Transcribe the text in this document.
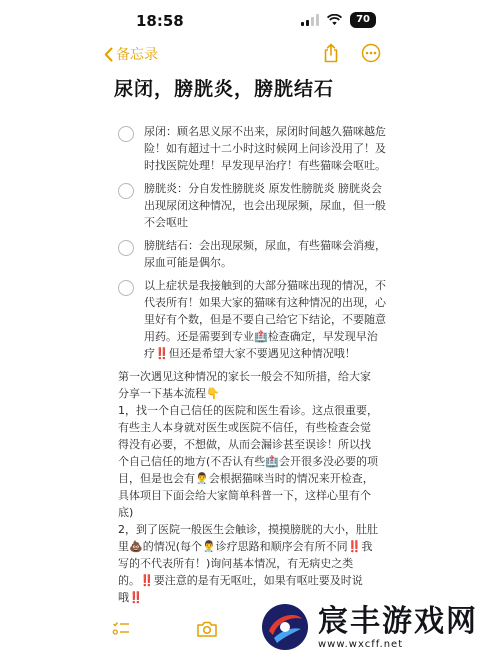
18:58	70
备忘录
尿闭，膀胱炎，膀胱结石
尿闭：顾名思义尿不出来，尿闭时间越久猫咪越危险！如有超过十二小时这时候网上问诊没用了！及时找医院处理！早发现早治疗！有些猫咪会呕吐。
膀胱炎：分自发性膀胱炎 原发性膀胱炎 膀胱炎会出现尿闭这种情况，也会出现尿频，尿血，但一般不会呕吐
膀胱结石：会出现尿频，尿血，有些猫咪会消瘦，尿血可能是偶尔。
以上症状是我接触到的大部分猫咪出现的情况，不代表所有！如果大家的猫咪有这种情况的出现，心里好有个数，但是不要自己给它下结论，不要随意用药。还是需要到专业🏥检查确定，早发现早治疗‼️但还是希望大家不要遇见这种情况哦！
第一次遇见这种情况的家长一般会不知所措，给大家分享一下基本流程👇
1，找一个自己信任的医院和医生看诊。这点很重要，有些主人本身就对医生或医院不信任，有些检查会觉得没有必要，不想做，从而会漏诊甚至误诊！所以找个自己信任的地方(不否认有些🏥会开很多没必要的项目，但是也会有👨‍⚕️会根据猫咪当时的情况来开检查，具体项目下面会给大家简单科普一下，这样心里有个底)
2，到了医院一般医生会触诊，摸摸膀胱的大小，肚肚里💩的情况(每个👨‍⚕️诊疗思路和顺序会有所不同‼️我写的不代表所有！)询问基本情况，有无病史之类的。‼️要注意的是有无呕吐，如果有呕吐要及时说哦‼️
宸丰游戏网
www.wxcff.net
